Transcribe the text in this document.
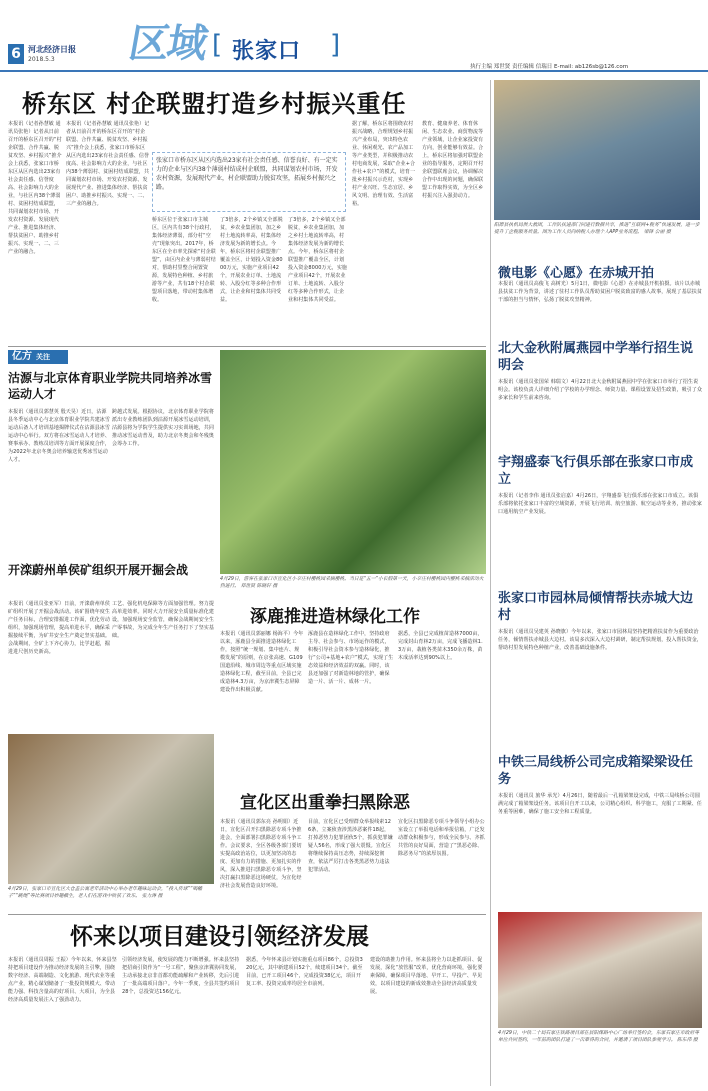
6 河北经济日报
2018.5.3 区域 [ 张家口 ]
执行主编 郑世贤 责任编辑 信瑞日 E-mail: ab126sb@126.com
桥东区 村企联盟打造乡村振兴重任
本报讯（记者孙慧敏 通讯员张艳）记者从日前召开的桥东区召开的“村企联盟、合作共赢、脱贫攻坚、乡村振兴”推介会上获悉，张家口市桥东区从区内选出23家有社会责任感、信誉度高、社会影响力大的企业，与社区内38个薄弱村、贫困村结成联盟，共同谋划农村市场、开发农村资源、发展现代产业、推进集体经济、帮扶贫困户、助推乡村振兴、实现一、二、三产业的融合。
本报讯（记者孙慧敏 通讯员张艳）记者从日前召开的桥东区召开的“村企联盟、合作共赢、脱贫攻坚、乡村振兴”推介会上获悉，张家口市桥东区从区内选出23家有社会责任感、信誉度高、社会影响力大的企业，与社区内38个薄弱村、贫困村结成联盟，共同谋划农村市场、开发农村资源、发展现代产业、推进集体经济、帮扶贫困户、助推乡村振兴、实现一、二、三产业的融合。
张家口市桥东区从区内选出23家有社会责任感、信誉良好、有一定实力的企业与区内38个薄弱村结成村企联盟，共同谋划农村市场，开发农村资源，发展现代产业，村企联盟助力脱贫攻坚，拓展乡村振兴之路。
桥东区位于张家口市主城区，区内共有38个行政村，集体经济薄弱，部分村“空壳”现象突出。2017年，桥东区在全市率先探索“村企联盟”，由区内企业与薄弱村结对，帮助村里整合闲置资源，发展特色种植、乡村旅游等产业，共有18个村企联盟项目落地，带动村集体增收。
了3倍多，2个乡镇又全部脱贫，乡农业集团加，加之乡村土地流转率高，村集体经济发展为新的增长点。今年，桥东区将村企联盟推广覆盖全区，计划投入资金8000万元，实施产业项目42个，开展农业订单、土地流转、入股分红等多种合作形式，让企业和村集体共同受益。
了3倍多，2个乡镇又全部脱贫，乡农业集团加，加之乡村土地流转率高，村集体经济发展为新的增长点。今年，桥东区将村企联盟推广覆盖全区，计划投入资金8000万元，实施产业项目42个，开展农业订单、土地流转、入股分红等多种合作形式，让企业和村集体共同受益。
据了解，桥东区将围绕农村振兴战略，合理规划乡村振兴产业布局，突出特色农业、休闲观光、农产品加工等产业类型，并积极推动农村电商发展，采取“企业+合作社+农户”的模式，培育一批乡村振兴示范村，实现乡村产业兴旺、生态宜居、乡风文明、治理有效、生活富裕。
教育、健康养老、体育休闲、生态农业、商贸物流等产业领域，让企业家投资有方向，创业能够有效益。合上，桥东区将加强对联盟企业的指导服务，定期召开村企联盟联席会议，协调解决合作中出现的问题，确保联盟工作取得实效，为全区乡村振兴注入强劲动力。
阳原县执机局供大救团，工作队扶进部门问进行数据共享，推进“互联网+税务”快速发展，进一步提升了企税服务质量。图为工作人员向纳税人办理个人APP业务流程。 梁锋 公丽 摄
4月29日，游客在张家口市宣化区小辛庄村樱桃园采摘樱桃。当日是“五一”小长假第一天，小辛庄村樱桃园内樱桃采摘活动火热进行。 郑世贤 陈晓轩 摄
亿方 关注
沽源与北京体育职业学院共同培养冰雪运动人才
本报讯（通讯员郭慧英 殷天昊）近日，沽源县冬季运动中心与北京体育职业学院共建冰雪运动后备人才培训基地揭牌仪式在沽源县冰雪运动中心举行。双方将在冰雪运动人才培养、赛事承办、教练员培训等方面开展深度合作，为2022年北京冬奥会培养输送优秀冰雪运动人才。
跨越式发展。根据协议，北京体育职业学院将派出专业教练团队到沽源开展冰雪运动培训，沽源县将为学院学生提供实习实训场地，共同推动冰雪运动普及，助力北京冬奥会和冬残奥会筹办工作。
开滦蔚州单侯矿组织开展开掘会战
本报讯（通讯员张亚军）日前，开滦蔚州单侯矿组织开展了开掘会战活动。该矿围绕年度生产任务目标，合理安排掘进工作面，优化劳动组织，加强现场管理，提高单进水平，确保采掘接续平衡，为矿井安全生产奠定坚实基础。会战期间，全矿上下齐心协力，比学赶超，掘进进尺创历史新高。
工艺、强化机电保障等方面加强管理。努力提高单进效率。同时大力开展安全质量标准化建设，加强现场安全监管，确保会战期间安全生产零事故，为完成全年生产任务打下了坚实基础。
涿鹿推进造林绿化工作
本报讯（通讯员郭丽娜 杨海平）今年以来，涿鹿县全面推进造林绿化工作，按照“统一规划、集中连片、规模发展”的原则，在京张高速、G109国道沿线、城市周边等重点区域实施造林绿化工程，截至目前，全县已完成造林4.3万亩，为京津冀生态屏障建设作出积极贡献。
涿鹿县在造林绿化工作中，坚持政府主导、社会参与、市场运作的模式，积极引导社会资本参与造林绿化，推行“公司+基地+农户”模式，实现了生态效益和经济效益的双赢。同时，该县还加强了对新造林地的管护，确保造一片、活一片、成林一片。
据悉，全县已完成植苗造林7000亩，完成封山育林2万亩，完成飞播造林1.3万亩，栽植各类苗木350余万株，苗木成活率达到90%以上。
4月29日，张家口市宣化区大仓盖公寓老年活动中心举办老年趣味运动会，“投入传球”“喝幡子”“跳绳”等比赛项目妙趣横生，老人们在游戏中收获了欢乐。 张力涛 摄
宣化区出重拳扫黑除恶
本报讯（通讯员郭东亮 孙明娟）近日，宣化区召开扫黑除恶专项斗争推进会，全面部署扫黑除恶专项斗争工作。会议要求，全区各级各部门要切实提高政治站位，以更加坚决的态度、更加有力的措施、更加扎实的作风，深入推进扫黑除恶专项斗争，坚决打赢扫黑除恶这场硬仗，为宣化经济社会发展营造良好环境。
目前，宣化区已受理群众举报线索126条，立案侦查涉黑涉恶案件18起，打掉恶势力犯罪团伙5个，抓获犯罪嫌疑人56名，形成了强大震慑。宣化区将继续保持高压态势，持续深挖彻查，依法严厉打击各类黑恶势力违法犯罪活动。
宣化区扫黑除恶专项斗争领导小组办公室设立了举报电话和举报信箱，广泛发动群众积极参与，形成全民参与、齐抓共管的良好局面，营造了“黑恶必除、除恶务尽”的浓厚氛围。
怀来以项目建设引领经济发展
本报讯（通讯员周振 王振）今年以来，怀来县坚持把项目建设作为推动经济发展的主引擎，围绕数字经济、高端制造、文化旅游、现代农业等重点产业，精心谋划储备了一批投资规模大、带动能力强、科技含量高的好项目、大项目，为全县经济高质量发展注入了强劲动力。
引领经济发展，使发展的能力不断增强。怀来县坚持把招商引资作为“一号工程”，聚焦京津冀协同发展，主动承接北京非首都功能疏解和产业转移，先后引进了一批高端项目落户。今年一季度，全县共签约项目28个，总投资达156亿元。
据悉，今年怀来县计划实施重点项目86个，总投资320亿元，其中新建项目52个，续建项目34个。截至目前，已开工项目46个，完成投资38亿元，项目开复工率、投资完成率均居全市前列。
建设的助推力作用。怀来县将全力以赴抓项目、促发展，深化“放管服”改革，优化营商环境，强化要素保障，确保项目早落地、早开工、早投产、早见效，以项目建设的新成效推动全县经济高质量发展。
微电影《心愿》在赤城开拍
本报讯（通讯员高俊飞 高树光）5月1日，微电影《心愿》在赤城县开机拍摄。该片以赤城县扶贫工作为背景，讲述了驻村工作队员帮助贫困户脱贫致富的感人故事，展现了基层扶贫干部的担当与情怀，弘扬了脱贫攻坚精神。
北大金秋附属燕园中学举行招生说明会
本报讯（通讯员张国荣 韩瑞文）4月22日北大金秋附属燕园中学在张家口市举行了招生说明会。该校负责人详细介绍了学校的办学理念、师资力量、课程设置及招生政策，吸引了众多家长和学生前来咨询。
宇翔盛泰飞行俱乐部在张家口市成立
本报讯（记者李伟 通讯员张启嘉）4月26日，宇翔盛泰飞行俱乐部在张家口市成立。该俱乐部将依托张家口丰富的空域资源，开展飞行培训、航空旅游、航空运动等业务，推动张家口通用航空产业发展。
张家口市园林局倾情帮扶赤城大边村
本报讯（通讯员吴建英 孙晓旗）今年以来，张家口市园林局坚持把精准扶贫作为重要政治任务，倾情帮扶赤城县大边村。该局多次深入大边村调研，制定帮扶规划，投入帮扶资金，帮助村里发展特色种植产业，改善基础设施条件。
中铁三局线桥公司完成箱梁梁设任务
本报讯（通讯员 旅华 承光）4月26日，随着最后一孔箱梁架设完成，中铁三局线桥公司圆满完成了箱梁架设任务。该项目自开工以来，公司精心组织、科学施工，克服了工期紧、任务重等困难，确保了施工安全和工程质量。
4月29日，中铁二十局石家庄铁路项目部在县阳煤路中心广场举行签约会，东家石家庄市政府等单位共同签约，一年前的团队打进了一次难得的合同，并邀请了项目团队参观学习。 陈东伟 摄
